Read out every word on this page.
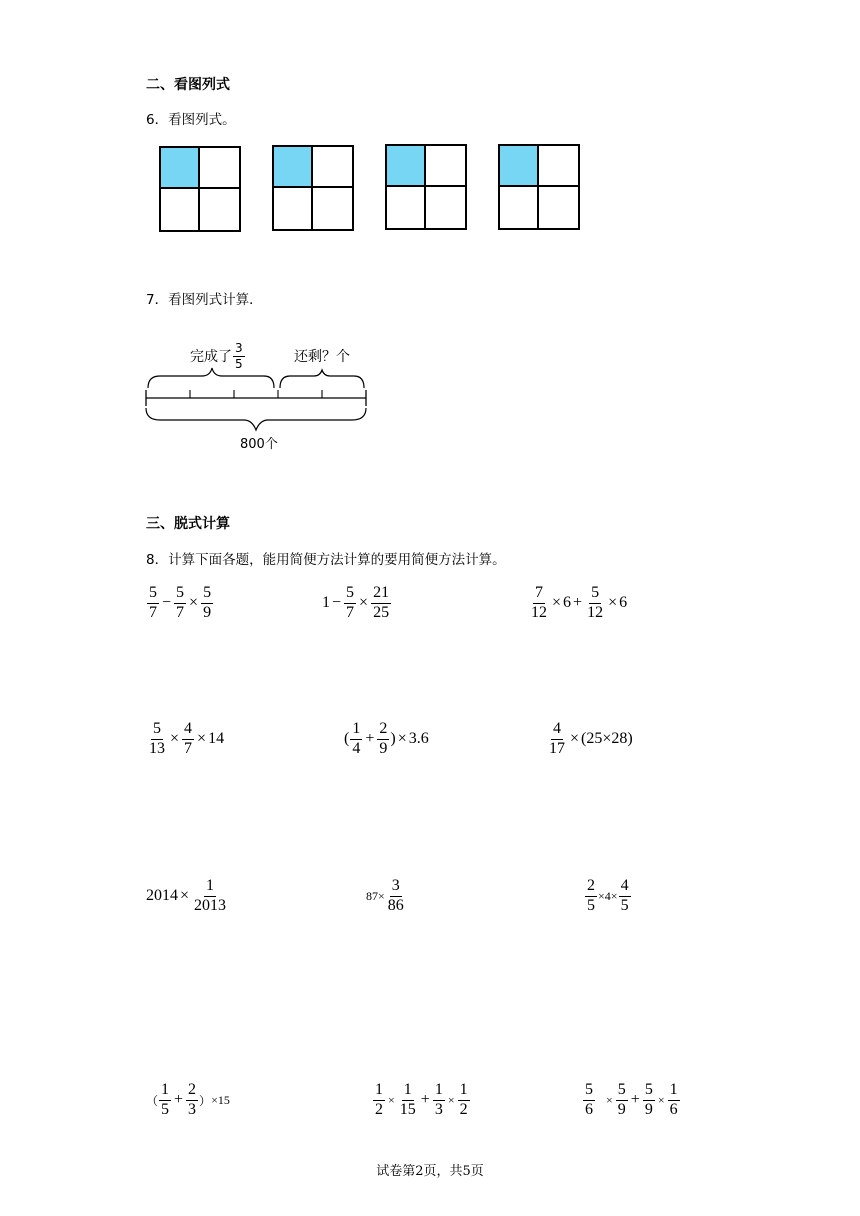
二、看图列式
6．看图列式。
7．看图列式计算．
完成了 $\frac{3}{5}$	还剩？个
800个
三、脱式计算
8．计算下面各题，能用简便方法计算的要用简便方法计算。
$\frac{5}{7} - \frac{5}{7} \times \frac{5}{9}$	$1 - \frac{5}{7} \times \frac{21}{25}$	$\frac{7}{12} \times 6 + \frac{5}{12} \times 6$
$\frac{5}{13} \times \frac{4}{7} \times 14$	( $\frac{1}{4} + \frac{2}{9}$ ) × 3.6	$\frac{4}{17} \times (25\times 28)$
$2014 \times \frac{1}{2013}$	$87 \times \frac{3}{86}$	$\frac{2}{5} \times 4 \times \frac{4}{5}$
（ $\frac{1}{5} + \frac{2}{3}$ ） × 15	$\frac{1}{2} \times \frac{1}{15} + \frac{1}{3} \times \frac{1}{2}$	$\frac{5}{6} \times \frac{5}{9} + \frac{5}{9} \times \frac{1}{6}$
试卷第2页，共5页
